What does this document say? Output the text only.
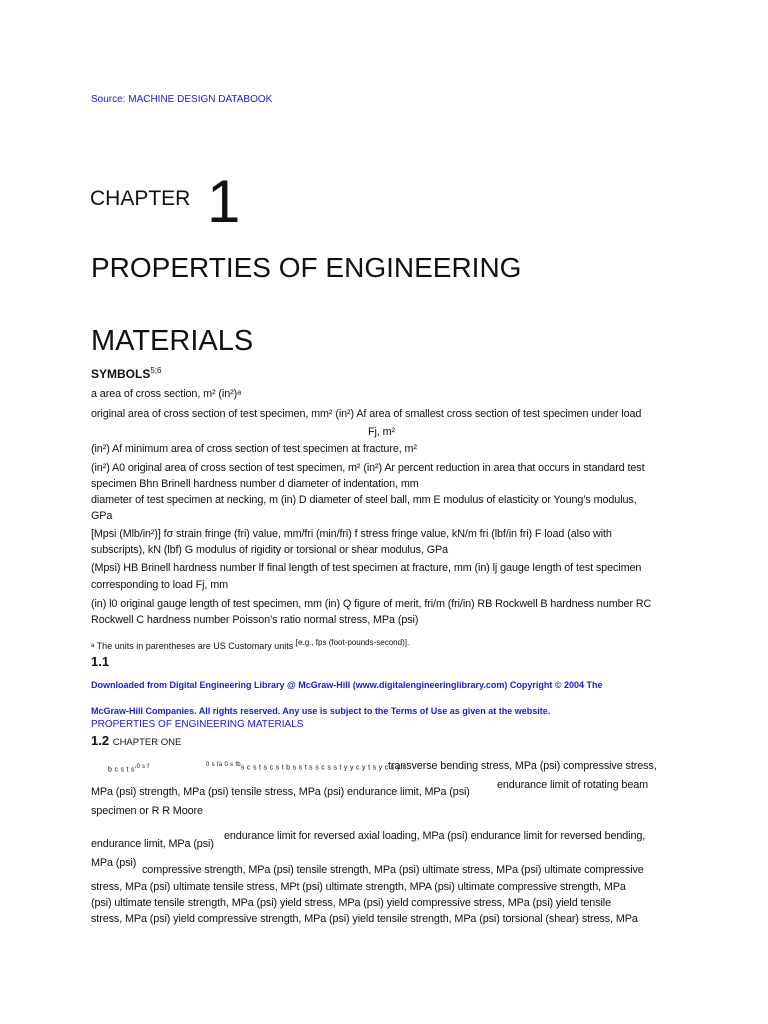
Source: MACHINE DESIGN DATABOOK
CHAPTER 1
PROPERTIES OF ENGINEERING
MATERIALS
SYMBOLS$^{5;6}$
a area of cross section, m² (in²)ᵃ
original area of cross section of test specimen, mm² (in²) Af area of smallest cross section of test specimen under load
Fj, m²
(in²) Af minimum area of cross section of test specimen at fracture, m²
(in²) A0 original area of cross section of test specimen, m² (in²) Ar percent reduction in area that occurs in standard test
specimen Bhn Brinell hardness number d diameter of indentation, mm
diameter of test specimen at necking, m (in) D diameter of steel ball, mm E modulus of elasticity or Young’s modulus,
GPa
[Mpsi (Mlb/in²)] fσ strain fringe (fri) value, mm/fri (min/fri) f stress fringe value, kN/m fri (lbf/in fri) F load (also with
subscripts), kN (lbf) G modulus of rigidity or torsional or shear modulus, GPa
(Mpsi) HB Brinell hardness number lf final length of test specimen at fracture, mm (in) lj gauge length of test specimen
corresponding to load Fj, mm
(in) l0 original gauge length of test specimen, mm (in) Q figure of merit, fri/m (fri/in) RB Rockwell B hardness number RC
Rockwell C hardness number Poisson’s ratio normal stress, MPa (psi)
ᵃ The units in parentheses are US Customary units $^{[e.g., fps (foot-pounds-second)].}$
1.1
Downloaded from Digital Engineering Library @ McGraw-Hill (www.digitalengineeringlibrary.com) Copyright © 2004 The
McGraw-Hill Companies. All rights reserved. Any use is subject to the Terms of Use as given at the website.
PROPERTIES OF ENGINEERING MATERIALS
1.2 CHAPTER ONE
b c s t $s'^{0 s f}$	$^{0 s fa 0 s fb}$s c s t s c s t b s s t s s c s s t y y c y t s y c s y t
transverse bending stress, MPa (psi) compressive stress,
MPa (psi) strength, MPa (psi) tensile stress, MPa (psi) endurance limit, MPa (psi)
endurance limit of rotating beam
specimen or R R Moore
endurance limit, MPa (psi)
endurance limit for reversed axial loading, MPa (psi) endurance limit for reversed bending,
MPa (psi)
compressive strength, MPa (psi) tensile strength, MPa (psi) ultimate stress, MPa (psi) ultimate compressive
stress, MPa (psi) ultimate tensile stress, MPt (psi) ultimate strength, MPA (psi) ultimate compressive strength, MPa
(psi) ultimate tensile strength, MPa (psi) yield stress, MPa (psi) yield compressive stress, MPa (psi) yield tensile
stress, MPa (psi) yield compressive strength, MPa (psi) yield tensile strength, MPa (psi) torsional (shear) stress, MPa
